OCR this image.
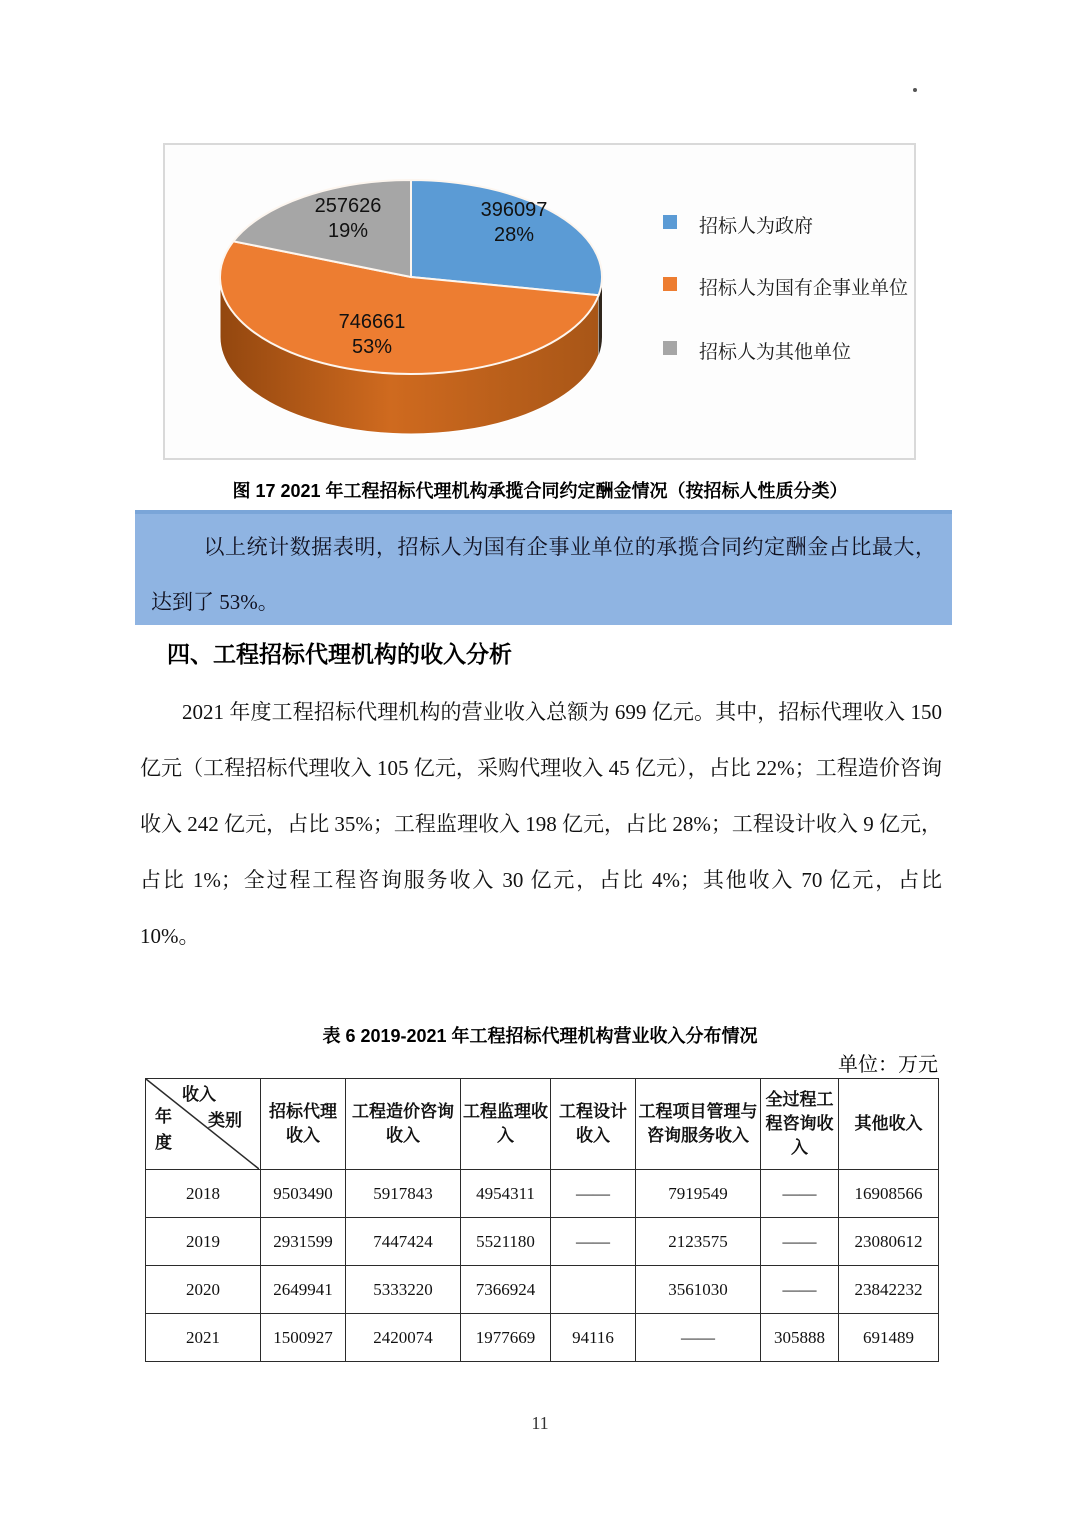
396097
28%
257626
19%
746661
53%
招标人为政府
招标人为国有企事业单位
招标人为其他单位
图 17 2021 年工程招标代理机构承揽合同约定酬金情况（按招标人性质分类）

以上统计数据表明，招标人为国有企事业单位的承揽合同约定酬金占比最大，达到了 53%。

四、工程招标代理机构的收入分析

2021 年度工程招标代理机构的营业收入总额为 699 亿元。其中，招标代理收入 150 亿元（工程招标代理收入 105 亿元，采购代理收入 45 亿元），占比 22%；工程造价咨询收入 242 亿元，占比 35%；工程监理收入 198 亿元，占比 28%；工程设计收入 9 亿元，占比 1%；全过程工程咨询服务收入 30 亿元，占比 4%；其他收入 70 亿元，占比 10%。

表 6 2019-2021 年工程招标代理机构营业收入分布情况
单位：万元
收入
类别
年
度	招标代理收入	工程造价咨询收入	工程监理收入	工程设计收入	工程项目管理与咨询服务收入	全过程工程咨询收入	其他收入
2018	9503490	5917843	4954311	——	7919549	——	16908566
2019	2931599	7447424	5521180	——	2123575	——	23080612
2020	2649941	5333220	7366924		3561030	——	23842232
2021	1500927	2420074	1977669	94116	——	305888	691489
11
